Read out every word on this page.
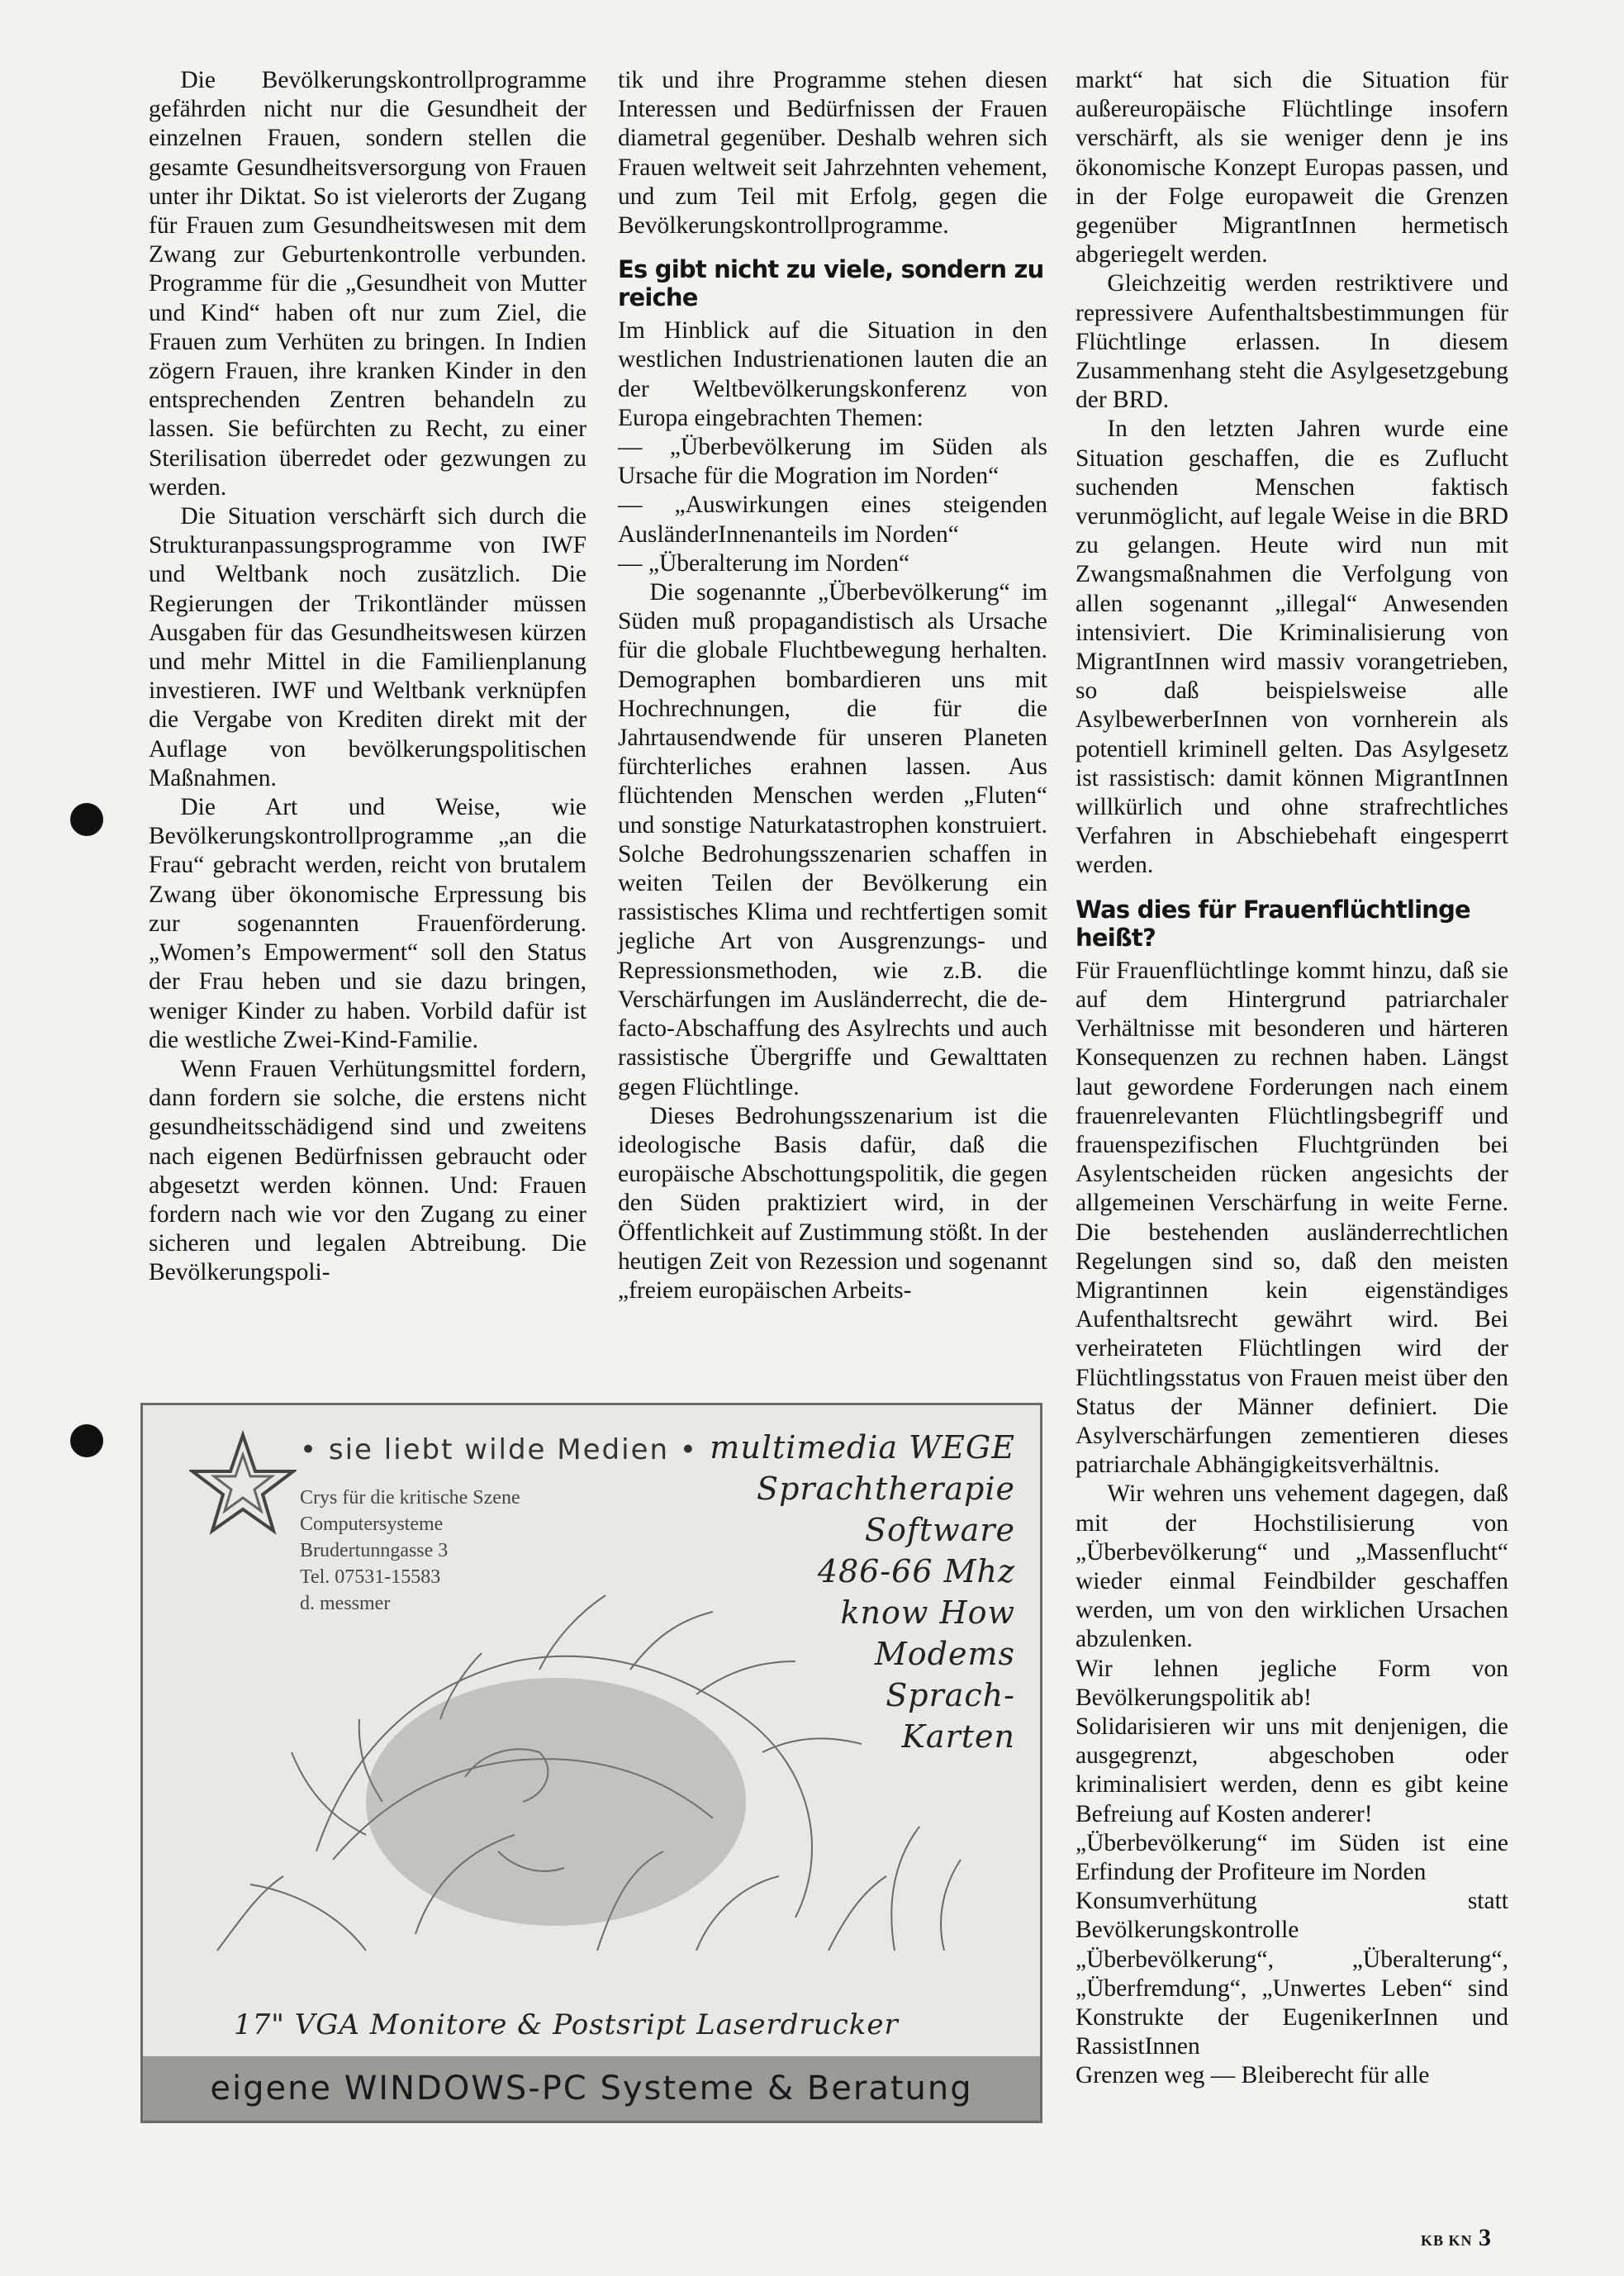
Die Bevölkerungskontrollprogramme gefährden nicht nur die Gesundheit der einzelnen Frauen, sondern stellen die gesamte Gesundheitsversorgung von Frauen unter ihr Diktat. So ist vielerorts der Zugang für Frauen zum Gesundheitswesen mit dem Zwang zur Geburtenkontrolle verbunden. Programme für die „Gesundheit von Mutter und Kind“ haben oft nur zum Ziel, die Frauen zum Verhüten zu bringen. In Indien zögern Frauen, ihre kranken Kinder in den entsprechenden Zentren behandeln zu lassen. Sie befürchten zu Recht, zu einer Sterilisation überredet oder gezwungen zu werden.

Die Situation verschärft sich durch die Strukturanpassungsprogramme von IWF und Weltbank noch zusätzlich. Die Regierungen der Trikontländer müssen Ausgaben für das Gesundheitswesen kürzen und mehr Mittel in die Familienplanung investieren. IWF und Weltbank verknüpfen die Vergabe von Krediten direkt mit der Auflage von bevölkerungspolitischen Maßnahmen.

Die Art und Weise, wie Bevölkerungskontrollprogramme „an die Frau“ gebracht werden, reicht von brutalem Zwang über ökonomische Erpressung bis zur sogenannten Frauenförderung. „Women’s Empowerment“ soll den Status der Frau heben und sie dazu bringen, weniger Kinder zu haben. Vorbild dafür ist die westliche Zwei-Kind-Familie.

Wenn Frauen Verhütungsmittel fordern, dann fordern sie solche, die erstens nicht gesundheitsschädigend sind und zweitens nach eigenen Bedürfnissen gebraucht oder abgesetzt werden können. Und: Frauen fordern nach wie vor den Zugang zu einer sicheren und legalen Abtreibung. Die Bevölkerungspoli-

tik und ihre Programme stehen diesen Interessen und Bedürfnissen der Frauen diametral gegenüber. Deshalb wehren sich Frauen weltweit seit Jahrzehnten vehement, und zum Teil mit Erfolg, gegen die Bevölkerungskontrollprogramme.

Es gibt nicht zu viele, sondern zu reiche

Im Hinblick auf die Situation in den westlichen Industrienationen lauten die an der Weltbevölkerungskonferenz von Europa eingebrachten Themen:

— „Überbevölkerung im Süden als Ursache für die Mogration im Norden“

— „Auswirkungen eines steigenden AusländerInnenanteils im Norden“

— „Überalterung im Norden“

Die sogenannte „Überbevölkerung“ im Süden muß propagandistisch als Ursache für die globale Fluchtbewegung herhalten. Demographen bombardieren uns mit Hochrechnungen, die für die Jahrtausendwende für unseren Planeten fürchterliches erahnen lassen. Aus flüchtenden Menschen werden „Fluten“ und sonstige Naturkatastrophen konstruiert. Solche Bedrohungsszenarien schaffen in weiten Teilen der Bevölkerung ein rassistisches Klima und rechtfertigen somit jegliche Art von Ausgrenzungs- und Repressionsmethoden, wie z.B. die Verschärfungen im Ausländerrecht, die de-facto-Abschaffung des Asylrechts und auch rassistische Übergriffe und Gewalttaten gegen Flüchtlinge.

Dieses Bedrohungsszenarium ist die ideologische Basis dafür, daß die europäische Abschottungspolitik, die gegen den Süden praktiziert wird, in der Öffentlichkeit auf Zustimmung stößt. In der heutigen Zeit von Rezession und sogenannt „freiem europäischen Arbeits-

markt“ hat sich die Situation für außereuropäische Flüchtlinge insofern verschärft, als sie weniger denn je ins ökonomische Konzept Europas passen, und in der Folge europaweit die Grenzen gegenüber MigrantInnen hermetisch abgeriegelt werden.

Gleichzeitig werden restriktivere und repressivere Aufenthaltsbestimmungen für Flüchtlinge erlassen. In diesem Zusammenhang steht die Asylgesetzgebung der BRD.

In den letzten Jahren wurde eine Situation geschaffen, die es Zuflucht suchenden Menschen faktisch verunmöglicht, auf legale Weise in die BRD zu gelangen. Heute wird nun mit Zwangsmaßnahmen die Verfolgung von allen sogenannt „illegal“ Anwesenden intensiviert. Die Kriminalisierung von MigrantInnen wird massiv vorangetrieben, so daß beispielsweise alle AsylbewerberInnen von vornherein als potentiell kriminell gelten. Das Asylgesetz ist rassistisch: damit können MigrantInnen willkürlich und ohne strafrechtliches Verfahren in Abschiebehaft eingesperrt werden.

Was dies für Frauenflüchtlinge heißt?

Für Frauenflüchtlinge kommt hinzu, daß sie auf dem Hintergrund patriarchaler Verhältnisse mit besonderen und härteren Konsequenzen zu rechnen haben. Längst laut gewordene Forderungen nach einem frauenrelevanten Flüchtlingsbegriff und frauenspezifischen Fluchtgründen bei Asylentscheiden rücken angesichts der allgemeinen Verschärfung in weite Ferne. Die bestehenden ausländerrechtlichen Regelungen sind so, daß den meisten Migrantinnen kein eigenständiges Aufenthaltsrecht gewährt wird. Bei verheirateten Flüchtlingen wird der Flüchtlingsstatus von Frauen meist über den Status der Männer definiert. Die Asylverschärfungen zementieren dieses patriarchale Abhängigkeitsverhältnis.

Wir wehren uns vehement dagegen, daß mit der Hochstilisierung von „Überbevölkerung“ und „Massenflucht“ wieder einmal Feindbilder geschaffen werden, um von den wirklichen Ursachen abzulenken.

Wir lehnen jegliche Form von Bevölkerungspolitik ab!

Solidarisieren wir uns mit denjenigen, die ausgegrenzt, abgeschoben oder kriminalisiert werden, denn es gibt keine Befreiung auf Kosten anderer!

„Überbevölkerung“ im Süden ist eine Erfindung der Profiteure im Norden

Konsumverhütung statt Bevölkerungskontrolle

„Überbevölkerung“, „Überalterung“, „Überfremdung“, „Unwertes Leben“ sind Konstrukte der EugenikerInnen und RassistInnen

Grenzen weg — Bleiberecht für alle

• sie liebt wilde Medien •
Crys für die kritische Szene
Computersysteme
Brudertunngasse 3
Tel. 07531-15583
d. messmer
multimedia WEGE
Sprachtherapie
Software
486-66 Mhz
know How
Modems
Sprach-
Karten
17" VGA Monitore & Postsript Laserdrucker
eigene WINDOWS-PC Systeme & Beratung
KB KN 3
